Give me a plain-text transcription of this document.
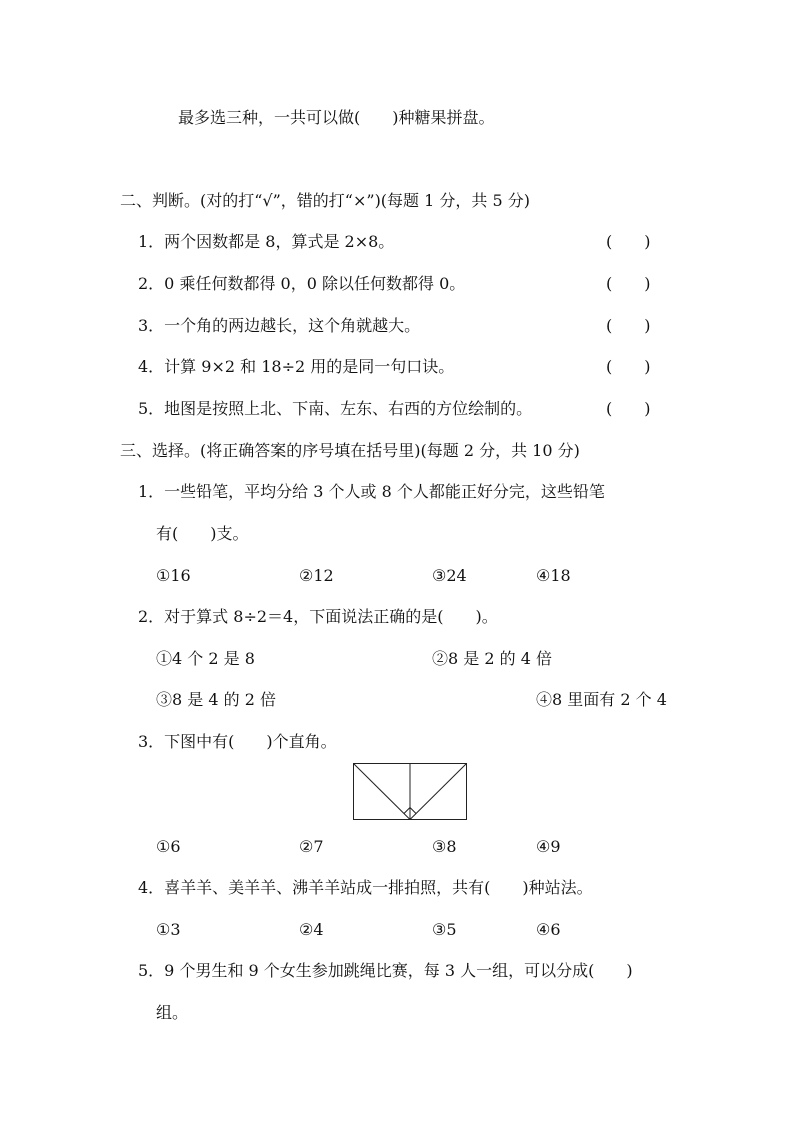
最多选三种，一共可以做(　　)种糖果拼盘。
二、判断。(对的打“√”，错的打“×”)(每题 1 分，共 5 分)
1．两个因数都是 8，算式是 2×8。	(　　)
2．0 乘任何数都得 0，0 除以任何数都得 0。	(　　)
3．一个角的两边越长，这个角就越大。	(　　)
4．计算 9×2 和 18÷2 用的是同一句口诀。	(　　)
5．地图是按照上北、下南、左东、右西的方位绘制的。	(　　)
三、选择。(将正确答案的序号填在括号里)(每题 2 分，共 10 分)
1．一些铅笔，平均分给 3 个人或 8 个人都能正好分完，这些铅笔
有(　　)支。
①16	②12	③24	④18
2．对于算式 8÷2＝4，下面说法正确的是(　　)。
①4 个 2 是 8	②8 是 2 的 4 倍
③8 是 4 的 2 倍	④8 里面有 2 个 4
3．下图中有(　　)个直角。
①6	②7	③8	④9
4．喜羊羊、美羊羊、沸羊羊站成一排拍照，共有(　　)种站法。
①3	②4	③5	④6
5．9 个男生和 9 个女生参加跳绳比赛，每 3 人一组，可以分成(　　)
组。
